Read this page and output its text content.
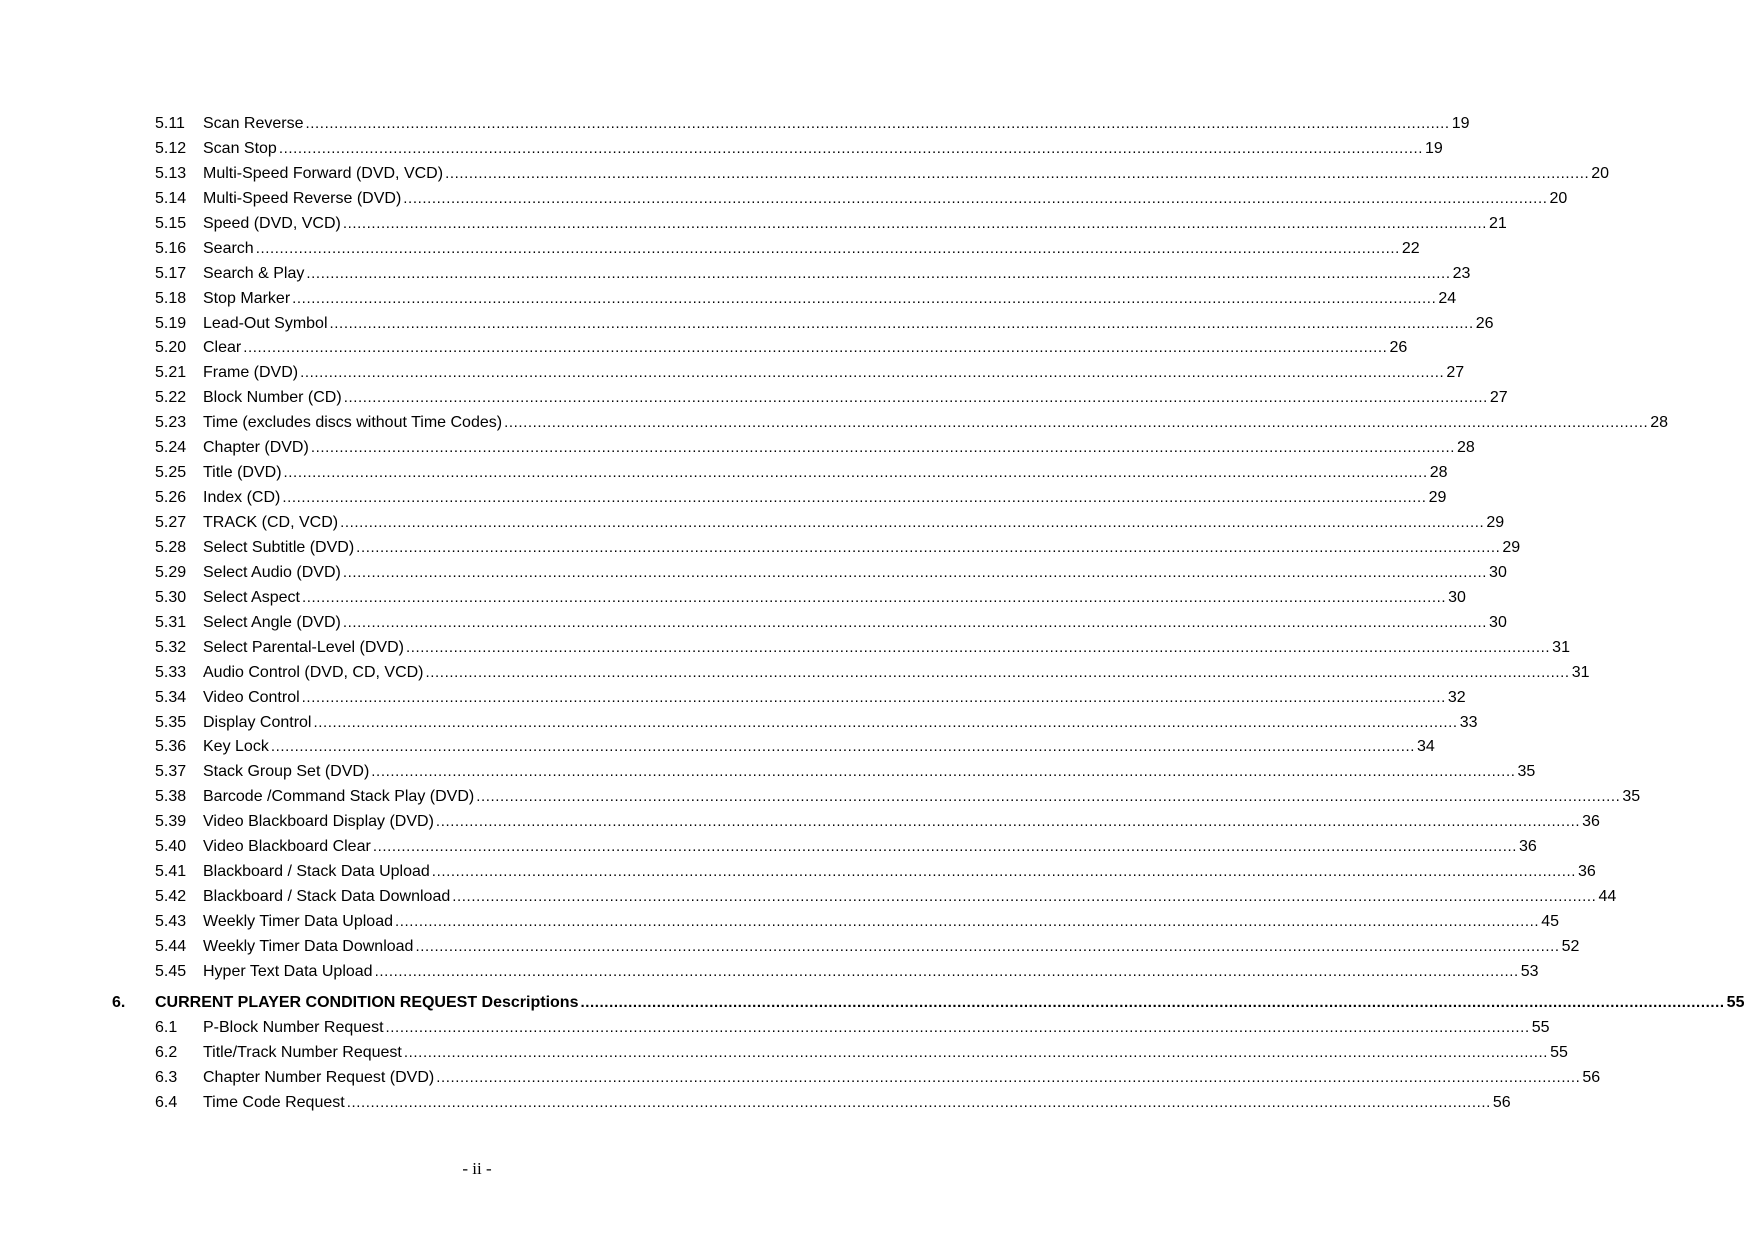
5.11 Scan Reverse ................................................................................................................................................................................................................................................ 19
5.12 Scan Stop ................................................................................................................................................................................................................................................ 19
5.13 Multi-Speed Forward (DVD, VCD) ................................................................................................................................................................................................................................................ 20
5.14 Multi-Speed Reverse (DVD) ................................................................................................................................................................................................................................................ 20
5.15 Speed (DVD, VCD) ................................................................................................................................................................................................................................................ 21
5.16 Search ................................................................................................................................................................................................................................................ 22
5.17 Search & Play ................................................................................................................................................................................................................................................ 23
5.18 Stop Marker ................................................................................................................................................................................................................................................ 24
5.19 Lead-Out Symbol ................................................................................................................................................................................................................................................ 26
5.20 Clear ................................................................................................................................................................................................................................................ 26
5.21 Frame (DVD) ................................................................................................................................................................................................................................................ 27
5.22 Block Number (CD) ................................................................................................................................................................................................................................................ 27
5.23 Time (excludes discs without Time Codes) ................................................................................................................................................................................................................................................ 28
5.24 Chapter (DVD) ................................................................................................................................................................................................................................................ 28
5.25 Title (DVD) ................................................................................................................................................................................................................................................ 28
5.26 Index (CD) ................................................................................................................................................................................................................................................ 29
5.27 TRACK (CD, VCD) ................................................................................................................................................................................................................................................ 29
5.28 Select Subtitle (DVD) ................................................................................................................................................................................................................................................ 29
5.29 Select Audio (DVD) ................................................................................................................................................................................................................................................ 30
5.30 Select Aspect ................................................................................................................................................................................................................................................ 30
5.31 Select Angle (DVD) ................................................................................................................................................................................................................................................ 30
5.32 Select Parental-Level (DVD) ................................................................................................................................................................................................................................................ 31
5.33 Audio Control (DVD, CD, VCD) ................................................................................................................................................................................................................................................ 31
5.34 Video Control ................................................................................................................................................................................................................................................ 32
5.35 Display Control ................................................................................................................................................................................................................................................ 33
5.36 Key Lock ................................................................................................................................................................................................................................................ 34
5.37 Stack Group Set (DVD) ................................................................................................................................................................................................................................................ 35
5.38 Barcode /Command Stack Play (DVD) ................................................................................................................................................................................................................................................ 35
5.39 Video Blackboard Display (DVD) ................................................................................................................................................................................................................................................ 36
5.40 Video Blackboard Clear ................................................................................................................................................................................................................................................ 36
5.41 Blackboard / Stack Data Upload ................................................................................................................................................................................................................................................ 36
5.42 Blackboard / Stack Data Download ................................................................................................................................................................................................................................................ 44
5.43 Weekly Timer Data Upload ................................................................................................................................................................................................................................................ 45
5.44 Weekly Timer Data Download ................................................................................................................................................................................................................................................ 52
5.45 Hyper Text Data Upload ................................................................................................................................................................................................................................................ 53
6. CURRENT PLAYER CONDITION REQUEST Descriptions ................................................................................................................................................................................................................................................ 55
6.1 P-Block Number Request ................................................................................................................................................................................................................................................ 55
6.2 Title/Track Number Request ................................................................................................................................................................................................................................................ 55
6.3 Chapter Number Request (DVD) ................................................................................................................................................................................................................................................ 56
6.4 Time Code Request ................................................................................................................................................................................................................................................ 56
- ii -
